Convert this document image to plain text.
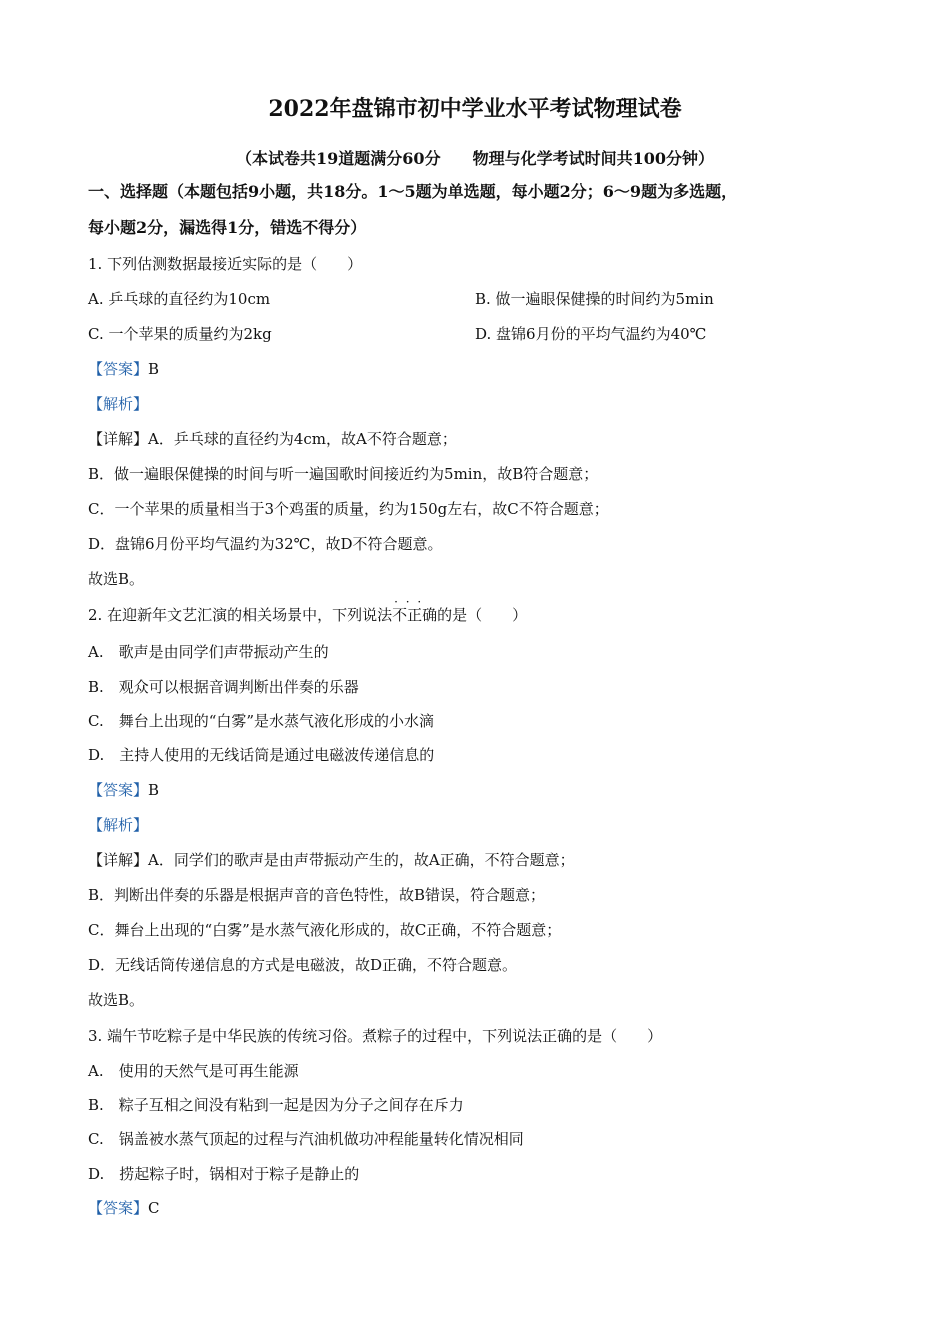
2022年盘锦市初中学业水平考试物理试卷
（本试卷共19道题满分60分　　物理与化学考试时间共100分钟）
一、选择题（本题包括9小题，共18分。1～5题为单选题，每小题2分；6～9题为多选题，
每小题2分，漏选得1分，错选不得分）
1. 下列估测数据最接近实际的是（　　）
A. 乒乓球的直径约为10cm	B. 做一遍眼保健操的时间约为5min
C. 一个苹果的质量约为2kg	D. 盘锦6月份的平均气温约为40℃
【答案】B
【解析】
【详解】A．乒乓球的直径约为4cm，故A不符合题意；
B．做一遍眼保健操的时间与听一遍国歌时间接近约为5min，故B符合题意；
C．一个苹果的质量相当于3个鸡蛋的质量，约为150g左右，故C不符合题意；
D．盘锦6月份平均气温约为32℃，故D不符合题意。
故选B。
2. 在迎新年文艺汇演的相关场景中，下列说法· · · 不正确的是（　　）
A.　歌声是由同学们声带振动产生的
B.　观众可以根据音调判断出伴奏的乐器
C.　舞台上出现的“白雾”是水蒸气液化形成的小水滴
D.　主持人使用的无线话筒是通过电磁波传递信息的
【答案】B
【解析】
【详解】A．同学们的歌声是由声带振动产生的，故A正确，不符合题意；
B．判断出伴奏的乐器是根据声音的音色特性，故B错误，符合题意；
C．舞台上出现的“白雾”是水蒸气液化形成的，故C正确，不符合题意；
D．无线话筒传递信息的方式是电磁波，故D正确，不符合题意。
故选B。
3. 端午节吃粽子是中华民族的传统习俗。煮粽子的过程中，下列说法正确的是（　　）
A.　使用的天然气是可再生能源
B.　粽子互相之间没有粘到一起是因为分子之间存在斥力
C.　锅盖被水蒸气顶起的过程与汽油机做功冲程能量转化情况相同
D.　捞起粽子时，锅相对于粽子是静止的
【答案】C
